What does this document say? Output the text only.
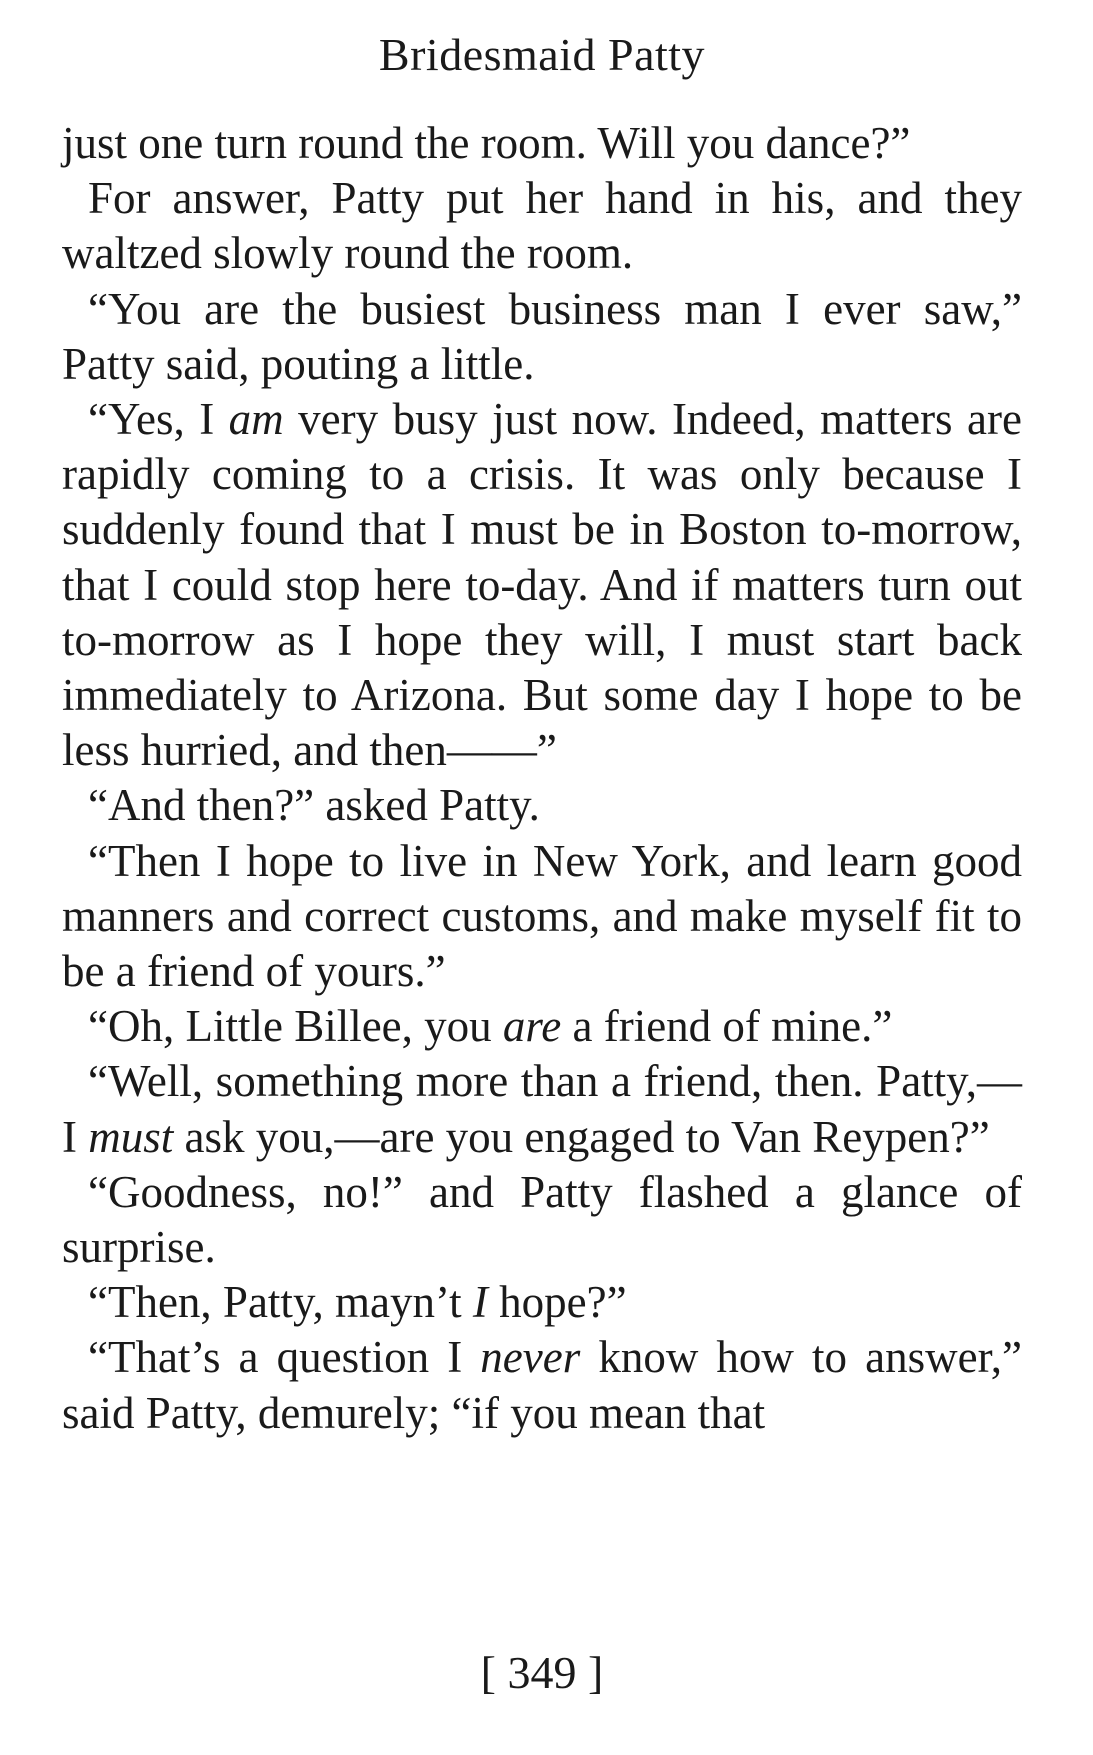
Bridesmaid Patty

just one turn round the room. Will you dance?”

For answer, Patty put her hand in his, and they waltzed slowly round the room.

“You are the busiest business man I ever saw,” Patty said, pouting a little.

“Yes, I am very busy just now. Indeed, matters are rapidly coming to a crisis. It was only because I suddenly found that I must be in Boston to-morrow, that I could stop here to-day. And if matters turn out to-morrow as I hope they will, I must start back immediately to Arizona. But some day I hope to be less hurried, and then——”

“And then?” asked Patty.

“Then I hope to live in New York, and learn good manners and correct customs, and make myself fit to be a friend of yours.”

“Oh, Little Billee, you are a friend of mine.”

“Well, something more than a friend, then. Patty,—I must ask you,—are you engaged to Van Reypen?”

“Goodness, no!” and Patty flashed a glance of surprise.

“Then, Patty, mayn’t I hope?”

“That’s a question I never know how to answer,” said Patty, demurely; “if you mean that

[ 349 ]
